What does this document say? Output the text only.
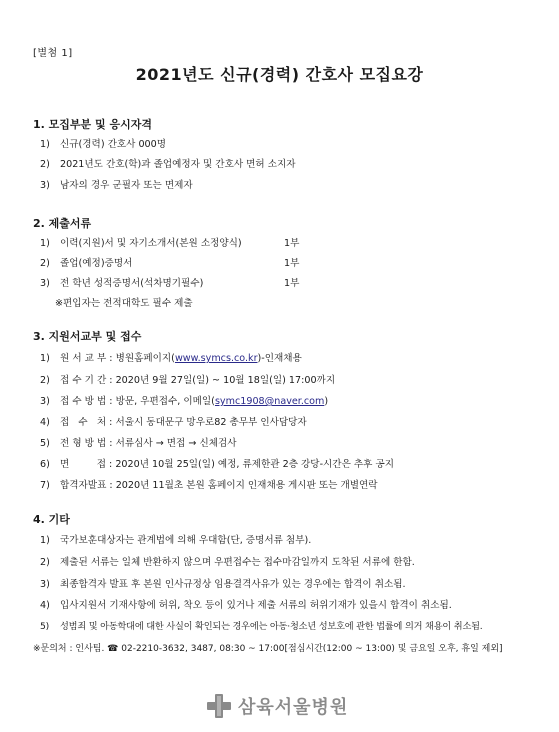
[별첨 1]
2021년도 신규(경력) 간호사 모집요강
1. 모집부분 및 응시자격
1) 신규(경력) 간호사 000명
2) 2021년도 간호(학)과 졸업예정자 및 간호사 면허 소지자
3) 남자의 경우 군필자 또는 면제자
2. 제출서류
1) 이력(지원)서 및 자기소개서(본원 소정양식)	1부
2) 졸업(예정)증명서	1부
3) 전 학년 성적증명서(석차명기필수)	1부
※편입자는 전적대학도 필수 제출
3. 지원서교부 및 접수
1) 원 서 교 부 : 병원홈페이지(www.symcs.co.kr)-인재채용
2) 접 수 기 간 : 2020년 9월 27일(일) ~ 10월 18일(일) 17:00까지
3) 접 수 방 법 : 방문, 우편접수, 이메일(symc1908@naver.com)
4) 접   수   처 : 서울시 동대문구 망우로82 총무부 인사담당자
5) 전 형 방 법 : 서류심사 → 면접 → 신체검사
6) 면         접 : 2020년 10월 25일(일) 예정, 류제한관 2층 강당-시간은 추후 공지
7) 합격자발표 : 2020년 11월초 본원 홈페이지 인재채용 게시판 또는 개별연락
4. 기타
1) 국가보훈대상자는 관계법에 의해 우대함(단, 증명서류 첨부).
2) 제출된 서류는 일체 반환하지 않으며 우편접수는 접수마감일까지 도착된 서류에 한함.
3) 최종합격자 발표 후 본원 인사규정상 임용결격사유가 있는 경우에는 합격이 취소됨.
4) 입사지원서 기재사항에 허위, 착오 등이 있거나 제출 서류의 허위기재가 있을시 합격이 취소됨.
5) 성범죄 및 아동학대에 대한 사실이 확인되는 경우에는 아동·청소년 성보호에 관한 법률에 의거 채용이 취소됨.
※문의처 : 인사팀. ☎ 02-2210-3632, 3487, 08:30 ~ 17:00[점심시간(12:00 ~ 13:00) 및 금요일 오후, 휴일 제외]
삼육서울병원
